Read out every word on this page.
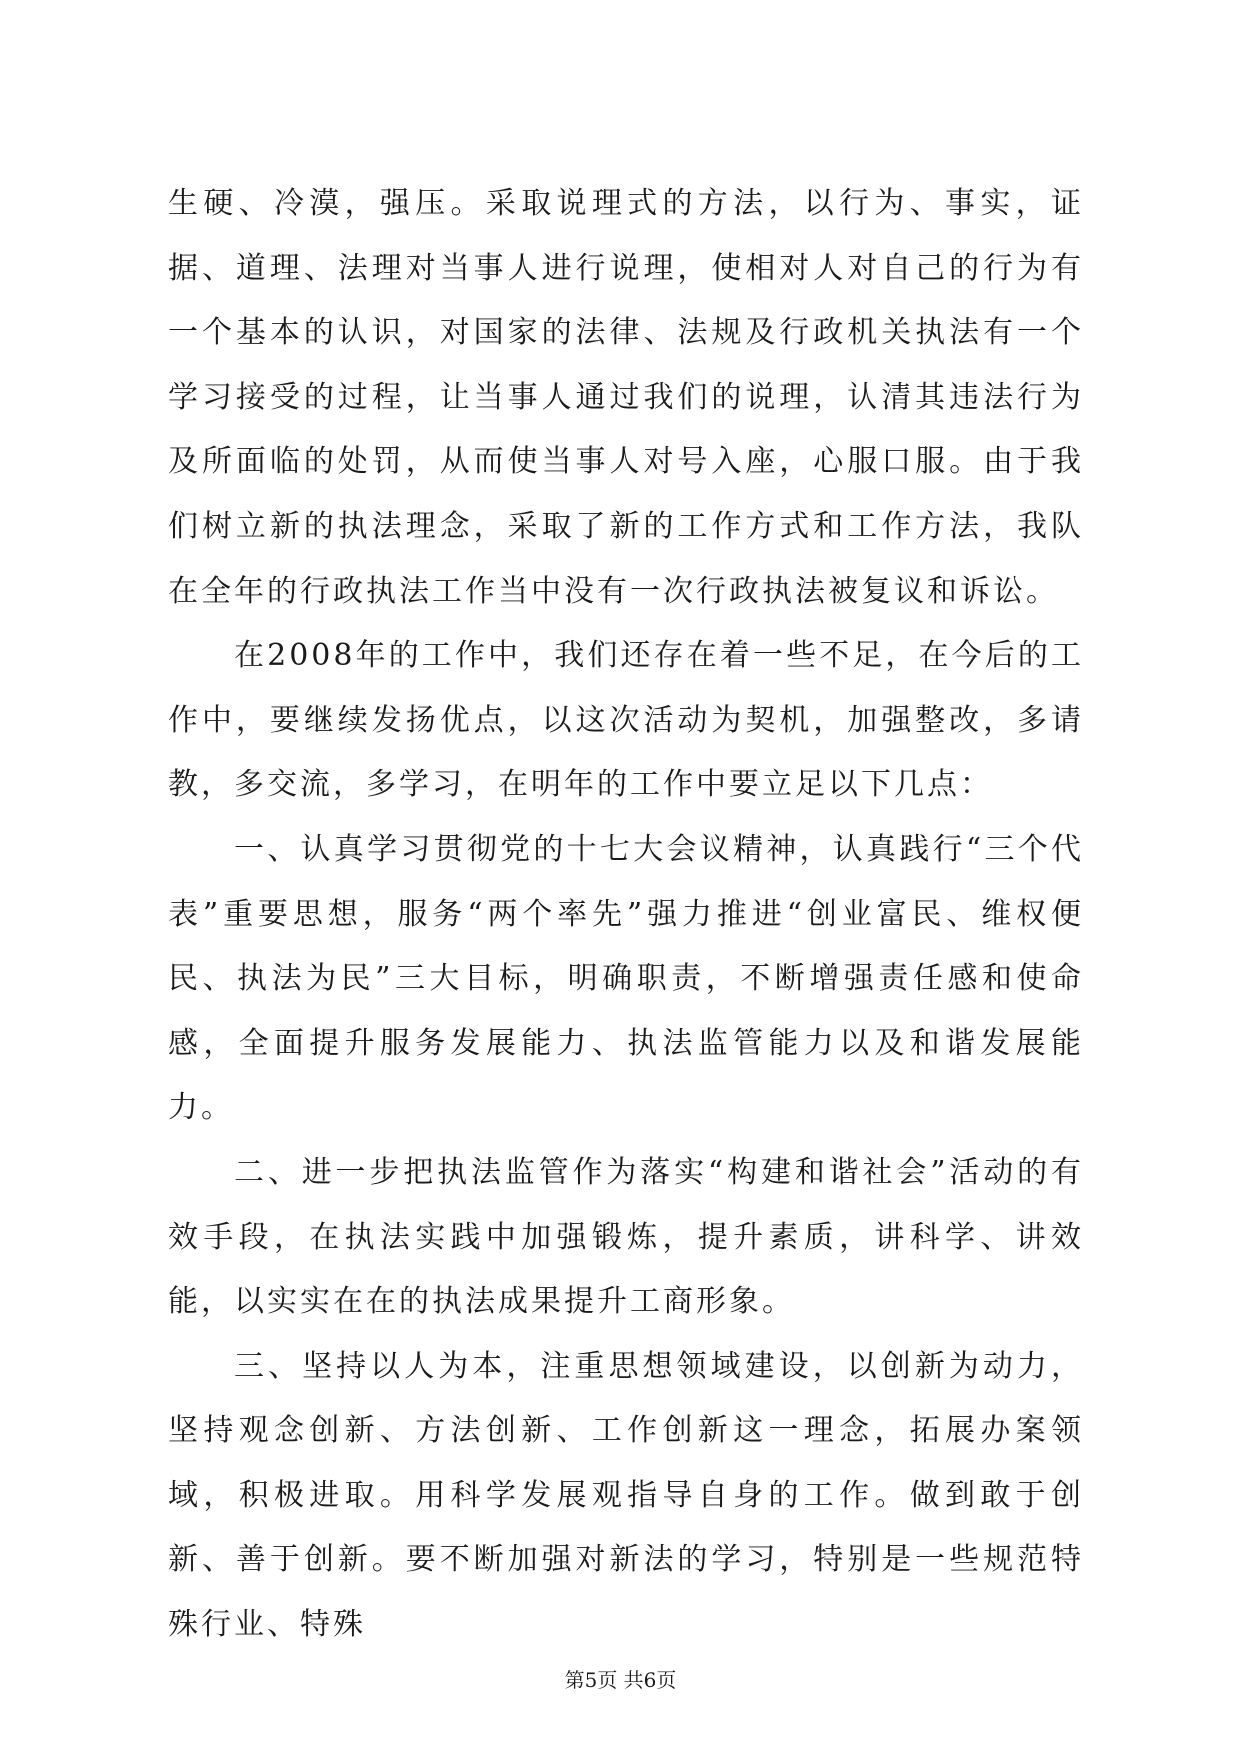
生硬、冷漠，强压。采取说理式的方法，以行为、事实，证据、道理、法理对当事人进行说理，使相对人对自己的行为有一个基本的认识，对国家的法律、法规及行政机关执法有一个学习接受的过程，让当事人通过我们的说理，认清其违法行为及所面临的处罚，从而使当事人对号入座，心服口服。由于我们树立新的执法理念，采取了新的工作方式和工作方法，我队在全年的行政执法工作当中没有一次行政执法被复议和诉讼。

在2008年的工作中，我们还存在着一些不足，在今后的工作中，要继续发扬优点，以这次活动为契机，加强整改，多请教，多交流，多学习，在明年的工作中要立足以下几点：

一、认真学习贯彻党的十七大会议精神，认真践行“三个代表”重要思想，服务“两个率先”强力推进“创业富民、维权便民、执法为民”三大目标，明确职责，不断增强责任感和使命感，全面提升服务发展能力、执法监管能力以及和谐发展能力。

二、进一步把执法监管作为落实“构建和谐社会”活动的有效手段，在执法实践中加强锻炼，提升素质，讲科学、讲效能，以实实在在的执法成果提升工商形象。

三、坚持以人为本，注重思想领域建设，以创新为动力，坚持观念创新、方法创新、工作创新这一理念，拓展办案领域，积极进取。用科学发展观指导自身的工作。做到敢于创新、善于创新。要不断加强对新法的学习，特别是一些规范特殊行业、特殊

第5页 共6页
